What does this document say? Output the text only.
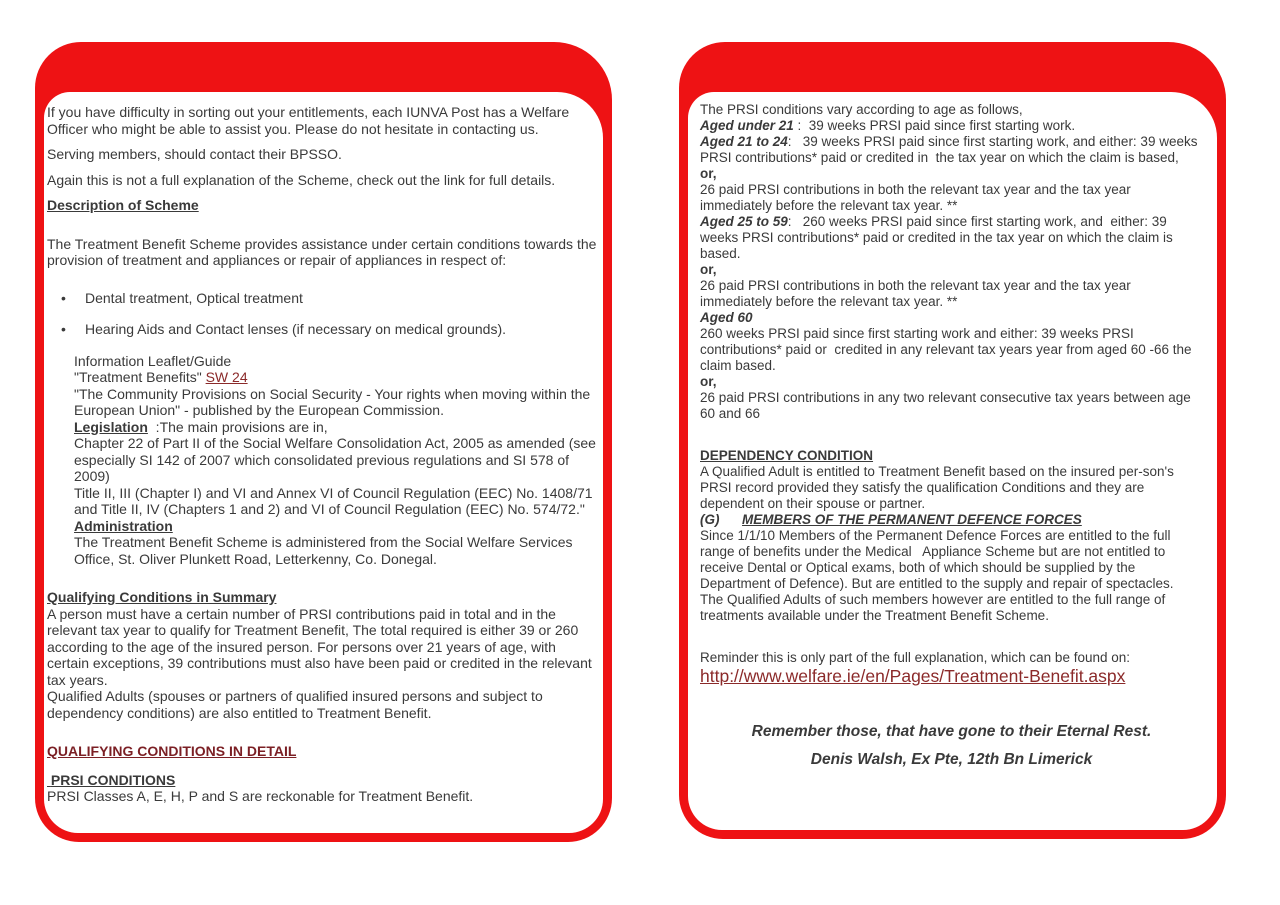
If you have difficulty in sorting out your entitlements, each IUNVA Post has a Welfare Officer who might be able to assist you. Please do not hesitate in contacting us.
Serving members, should contact their BPSSO.
Again this is not a full explanation of the Scheme, check out the link for full details.
Description of Scheme
The Treatment Benefit Scheme provides assistance under certain conditions towards the provision of treatment and appliances or repair of appliances in respect of:
• Dental treatment, Optical treatment
• Hearing Aids and Contact lenses (if necessary on medical grounds).
Information Leaflet/Guide
"Treatment Benefits" SW 24
"The Community Provisions on Social Security - Your rights when moving within the European Union" - published by the European Commission.
Legislation  :The main provisions are in,
Chapter 22 of Part II of the Social Welfare Consolidation Act, 2005 as amended (see especially SI 142 of 2007 which consolidated previous regulations and SI 578 of 2009)
Title II, III (Chapter I) and VI and Annex VI of Council Regulation (EEC) No. 1408/71 and Title II, IV (Chapters 1 and 2) and VI of Council Regulation (EEC) No. 574/72." Administration
The Treatment Benefit Scheme is administered from the Social Welfare Services Office, St. Oliver Plunkett Road, Letterkenny, Co. Donegal.
Qualifying Conditions in Summary
A person must have a certain number of PRSI contributions paid in total and in the relevant tax year to qualify for Treatment Benefit, The total required is either 39 or 260 according to the age of the insured person. For persons over 21 years of age, with certain exceptions, 39 contributions must also have been paid or credited in the relevant tax years.
Qualified Adults (spouses or partners of qualified insured persons and subject to dependency conditions) are also entitled to Treatment Benefit.
QUALIFYING CONDITIONS IN DETAIL
PRSI CONDITIONS
PRSI Classes A, E, H, P and S are reckonable for Treatment Benefit.
The PRSI conditions vary according to age as follows,
Aged under 21 :  39 weeks PRSI paid since first starting work.
Aged 21 to 24:   39 weeks PRSI paid since first starting work, and either: 39 weeks PRSI contributions* paid or credited in  the tax year on which the claim is based,
or,
26 paid PRSI contributions in both the relevant tax year and the tax year immediately before the relevant tax year. **
Aged 25 to 59:   260 weeks PRSI paid since first starting work, and  either: 39 weeks PRSI contributions* paid or credited in the tax year on which the claim is based.
or,
26 paid PRSI contributions in both the relevant tax year and the tax year immediately before the relevant tax year. **
Aged 60
260 weeks PRSI paid since first starting work and either: 39 weeks PRSI contributions* paid or  credited in any relevant tax years year from aged 60 -66 the claim based.
or,
26 paid PRSI contributions in any two relevant consecutive tax years between age 60 and 66
DEPENDENCY CONDITION
A Qualified Adult is entitled to Treatment Benefit based on the insured per-son's PRSI record provided they satisfy the qualification Conditions and they are dependent on their spouse or partner.
(G) MEMBERS OF THE PERMANENT DEFENCE FORCES
Since 1/1/10 Members of the Permanent Defence Forces are entitled to the full range of benefits under the Medical   Appliance Scheme but are not entitled to receive Dental or Optical exams, both of which should be supplied by the    Department of Defence). But are entitled to the supply and repair of spectacles.
The Qualified Adults of such members however are entitled to the full range of treatments available under the Treatment Benefit Scheme.
Reminder this is only part of the full explanation, which can be found on:
http://www.welfare.ie/en/Pages/Treatment-Benefit.aspx
Remember those, that have gone to their Eternal Rest.
Denis Walsh, Ex Pte, 12th Bn Limerick
